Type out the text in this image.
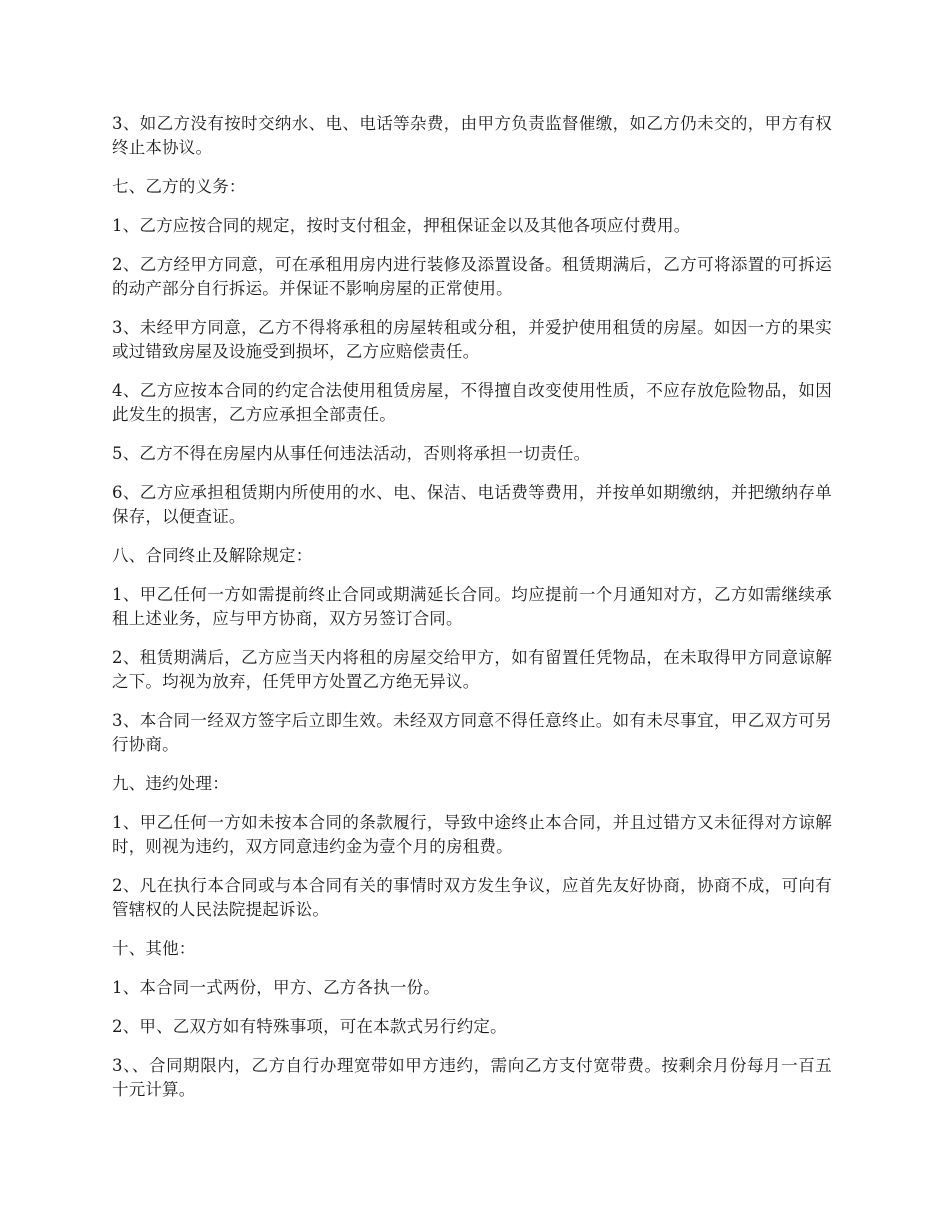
3、如乙方没有按时交纳水、电、电话等杂费，由甲方负责监督催缴，如乙方仍未交的，甲方有权终止本协议。

七、乙方的义务：

1、乙方应按合同的规定，按时支付租金，押租保证金以及其他各项应付费用。

2、乙方经甲方同意，可在承租用房内进行装修及添置设备。租赁期满后，乙方可将添置的可拆运的动产部分自行拆运。并保证不影响房屋的正常使用。

3、未经甲方同意，乙方不得将承租的房屋转租或分租，并爱护使用租赁的房屋。如因一方的果实或过错致房屋及设施受到损坏，乙方应赔偿责任。

4、乙方应按本合同的约定合法使用租赁房屋，不得擅自改变使用性质，不应存放危险物品，如因此发生的损害，乙方应承担全部责任。

5、乙方不得在房屋内从事任何违法活动，否则将承担一切责任。

6、乙方应承担租赁期内所使用的水、电、保洁、电话费等费用，并按单如期缴纳，并把缴纳存单保存，以便查证。

八、合同终止及解除规定：

1、甲乙任何一方如需提前终止合同或期满延长合同。均应提前一个月通知对方，乙方如需继续承租上述业务，应与甲方协商，双方另签订合同。

2、租赁期满后，乙方应当天内将租的房屋交给甲方，如有留置任凭物品，在未取得甲方同意谅解之下。均视为放弃，任凭甲方处置乙方绝无异议。

3、本合同一经双方签字后立即生效。未经双方同意不得任意终止。如有未尽事宜，甲乙双方可另行协商。

九、违约处理：

1、甲乙任何一方如未按本合同的条款履行，导致中途终止本合同，并且过错方又未征得对方谅解时，则视为违约，双方同意违约金为壹个月的房租费。

2、凡在执行本合同或与本合同有关的事情时双方发生争议，应首先友好协商，协商不成，可向有管辖权的人民法院提起诉讼。

十、其他：

1、本合同一式两份，甲方、乙方各执一份。

2、甲、乙双方如有特殊事项，可在本款式另行约定。

3、、合同期限内，乙方自行办理宽带如甲方违约，需向乙方支付宽带费。按剩余月份每月一百五十元计算。
